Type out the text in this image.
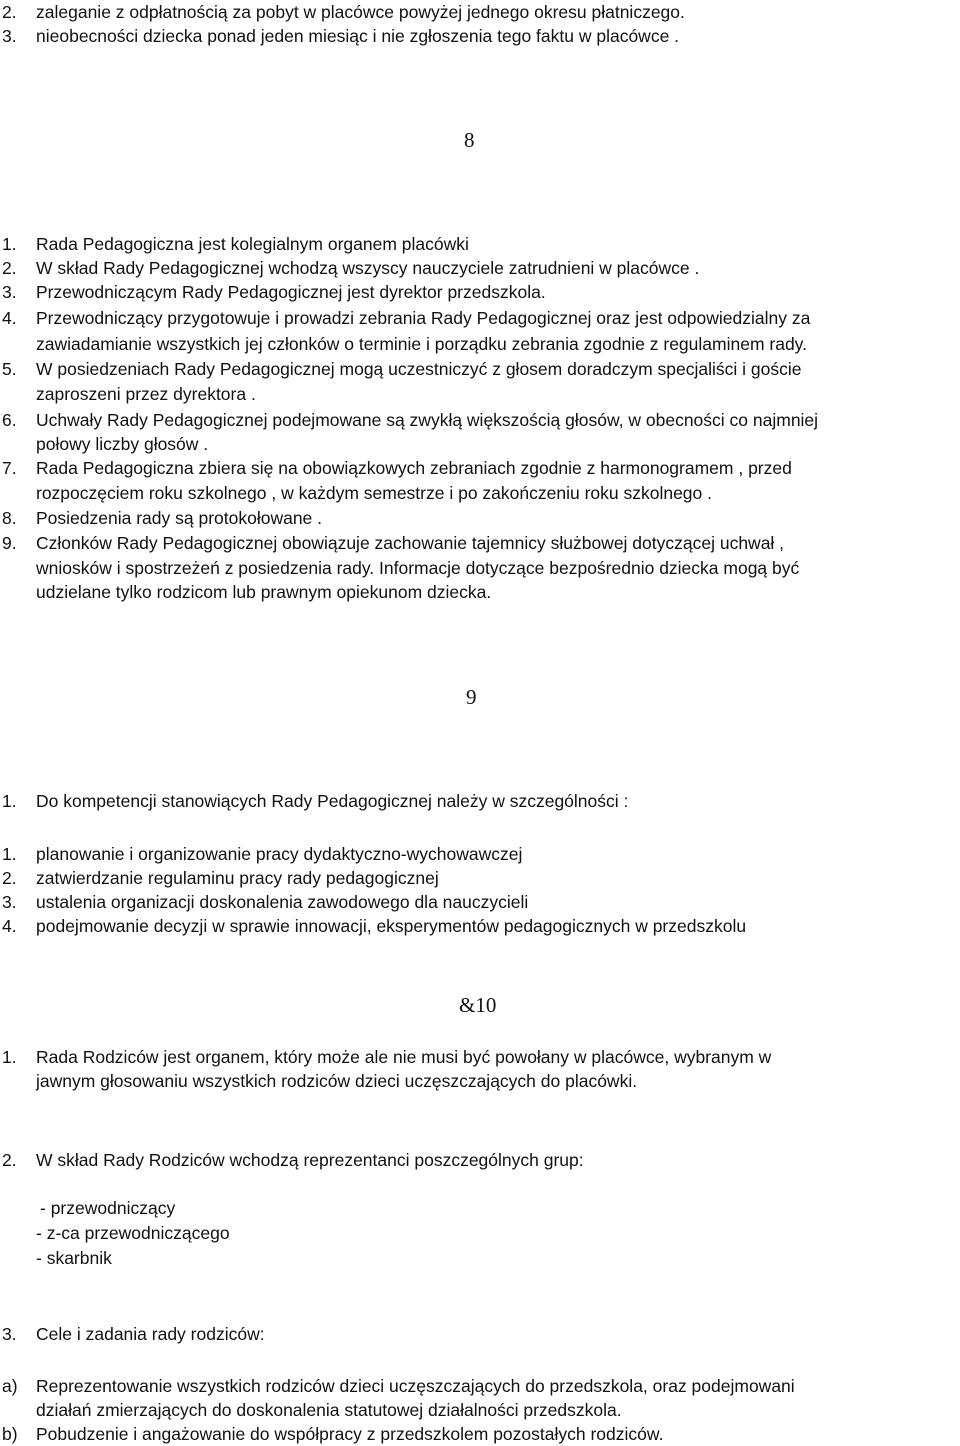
2. zaleganie z odpłatnością za pobyt w placówce powyżej jednego okresu płatniczego.
3. nieobecności dziecka ponad jeden miesiąc i nie zgłoszenia tego faktu w placówce .
8
1. Rada Pedagogiczna jest kolegialnym organem placówki
2. W skład Rady Pedagogicznej wchodzą wszyscy nauczyciele zatrudnieni w placówce .
3. Przewodniczącym Rady Pedagogicznej jest dyrektor przedszkola.
4. Przewodniczący przygotowuje i prowadzi zebrania Rady Pedagogicznej oraz jest odpowiedzialny za
zawiadamianie wszystkich jej członków o terminie i porządku zebrania zgodnie z regulaminem rady.
5. W posiedzeniach Rady Pedagogicznej mogą uczestniczyć z głosem doradczym specjaliści i goście
zaproszeni przez dyrektora .
6. Uchwały Rady Pedagogicznej podejmowane są zwykłą większością głosów, w obecności co najmniej
połowy liczby głosów .
7. Rada Pedagogiczna zbiera się na obowiązkowych zebraniach zgodnie z harmonogramem , przed
rozpoczęciem roku szkolnego , w każdym semestrze i po zakończeniu roku szkolnego .
8. Posiedzenia rady są protokołowane .
9. Członków Rady Pedagogicznej obowiązuje zachowanie tajemnicy służbowej dotyczącej uchwał ,
wniosków i spostrzeżeń z posiedzenia rady. Informacje dotyczące bezpośrednio dziecka mogą być
udzielane tylko rodzicom lub prawnym opiekunom dziecka.
9
1. Do kompetencji stanowiących Rady Pedagogicznej należy w szczególności :
1. planowanie i organizowanie pracy dydaktyczno-wychowawczej
2. zatwierdzanie regulaminu pracy rady pedagogicznej
3. ustalenia organizacji doskonalenia zawodowego dla nauczycieli
4. podejmowanie decyzji w sprawie innowacji, eksperymentów pedagogicznych w przedszkolu
&10
1. Rada Rodziców jest organem, który może ale nie musi być powołany w placówce, wybranym w
jawnym głosowaniu wszystkich rodziców dzieci uczęszczających do placówki.
2. W skład Rady Rodziców wchodzą reprezentanci poszczególnych grup:
- przewodniczący
- z-ca przewodniczącego
- skarbnik
3. Cele i zadania rady rodziców:
a) Reprezentowanie wszystkich rodziców dzieci uczęszczających do przedszkola, oraz podejmowani
działań zmierzających do doskonalenia statutowej działalności przedszkola.
b) Pobudzenie i angażowanie do współpracy z przedszkolem pozostałych rodziców.
